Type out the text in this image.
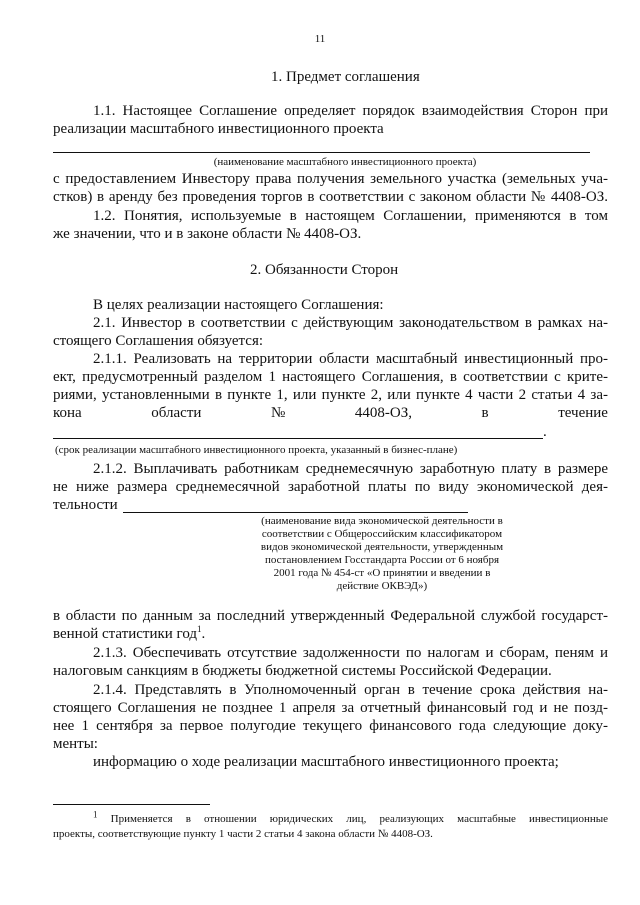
11
1. Предмет соглашения
1.1. Настоящее Соглашение определяет порядок взаимодействия Сторон при
реализации масштабного инвестиционного проекта
(наименование масштабного инвестиционного проекта)
с предоставлением Инвестору права получения земельного участка (земельных уча-
стков) в аренду без проведения торгов в соответствии с законом области № 4408-ОЗ.
1.2. Понятия, используемые в настоящем Соглашении, применяются в том
же значении, что и в законе области № 4408-ОЗ.
2. Обязанности Сторон
В целях реализации настоящего Соглашения:
2.1. Инвестор в соответствии с действующим законодательством в рамках на-
стоящего Соглашения обязуется:
2.1.1. Реализовать на территории области масштабный инвестиционный про-
ект, предусмотренный разделом 1 настоящего Соглашения, в соответствии с крите-
риями, установленными в пункте 1, или пункте 2, или пункте 4 части 2 статьи 4 за-
кона	области	№	4408-ОЗ,	в	течение
.
(срок реализации масштабного инвестиционного проекта, указанный в бизнес-плане)
2.1.2. Выплачивать работникам среднемесячную заработную плату в размере
не ниже размера среднемесячной заработной платы по виду экономической дея-
тельности
(наименование вида экономической деятельности в
соответствии с Общероссийским классификатором
видов экономической деятельности, утвержденным
постановлением Госстандарта России от 6 ноября
2001 года № 454-ст «О принятии и введении в
действие ОКВЭД»)
в области по данным за последний утвержденный Федеральной службой государст-
венной статистики год$^1$.
2.1.3. Обеспечивать отсутствие задолженности по налогам и сборам, пеням и
налоговым санкциям в бюджеты бюджетной системы Российской Федерации.
2.1.4. Представлять в Уполномоченный орган в течение срока действия на-
стоящего Соглашения не позднее 1 апреля за отчетный финансовый год и не позд-
нее 1 сентября за первое полугодие текущего финансового года следующие доку-
менты:
информацию о ходе реализации масштабного инвестиционного проекта;
$^1$ Применяется в отношении юридических лиц, реализующих масштабные инвестиционные
проекты, соответствующие пункту 1 части 2 статьи 4 закона области № 4408-ОЗ.
